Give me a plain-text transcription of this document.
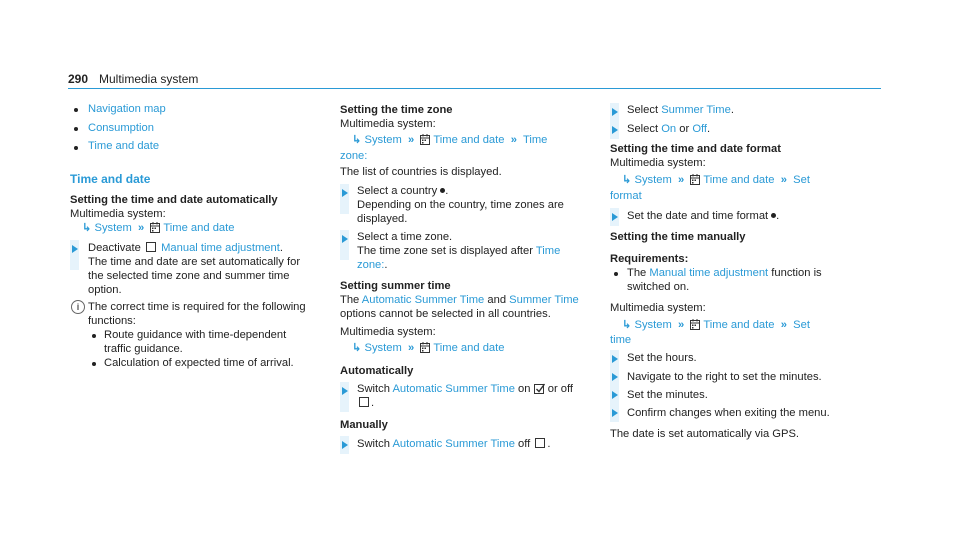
290 Multimedia system
Navigation map
Consumption
Time and date
Time and date
Setting the time and date automatically
Multimedia system:
↳ System  »   Time and date
Deactivate Manual time adjustment.
The time and date are set automatically for
the selected time zone and summer time
option.
i The correct time is required for the following
functions:
Route guidance with time-dependent
traffic guidance.
Calculation of expected time of arrival.
Setting the time zone
Multimedia system:
↳ System  »   Time and date  »  Time
zone:
The list of countries is displayed.
Select a country .
Depending on the country, time zones are
displayed.
Select a time zone.
The time zone set is displayed after Time
zone:.
Setting summer time
The Automatic Summer Time and Summer Time
options cannot be selected in all countries.
Multimedia system:
↳ System  »   Time and date
Automatically
Switch Automatic Summer Time on or off
.
Manually
Switch Automatic Summer Time off .
Select Summer Time.
Select On or Off.
Setting the time and date format
Multimedia system:
↳ System  »   Time and date  »  Set
format
Set the date and time format .
Setting the time manually
Requirements:
The Manual time adjustment function is
switched on.
Multimedia system:
↳ System  »   Time and date  »  Set
time
Set the hours.
Navigate to the right to set the minutes.
Set the minutes.
Confirm changes when exiting the menu.
The date is set automatically via GPS.
